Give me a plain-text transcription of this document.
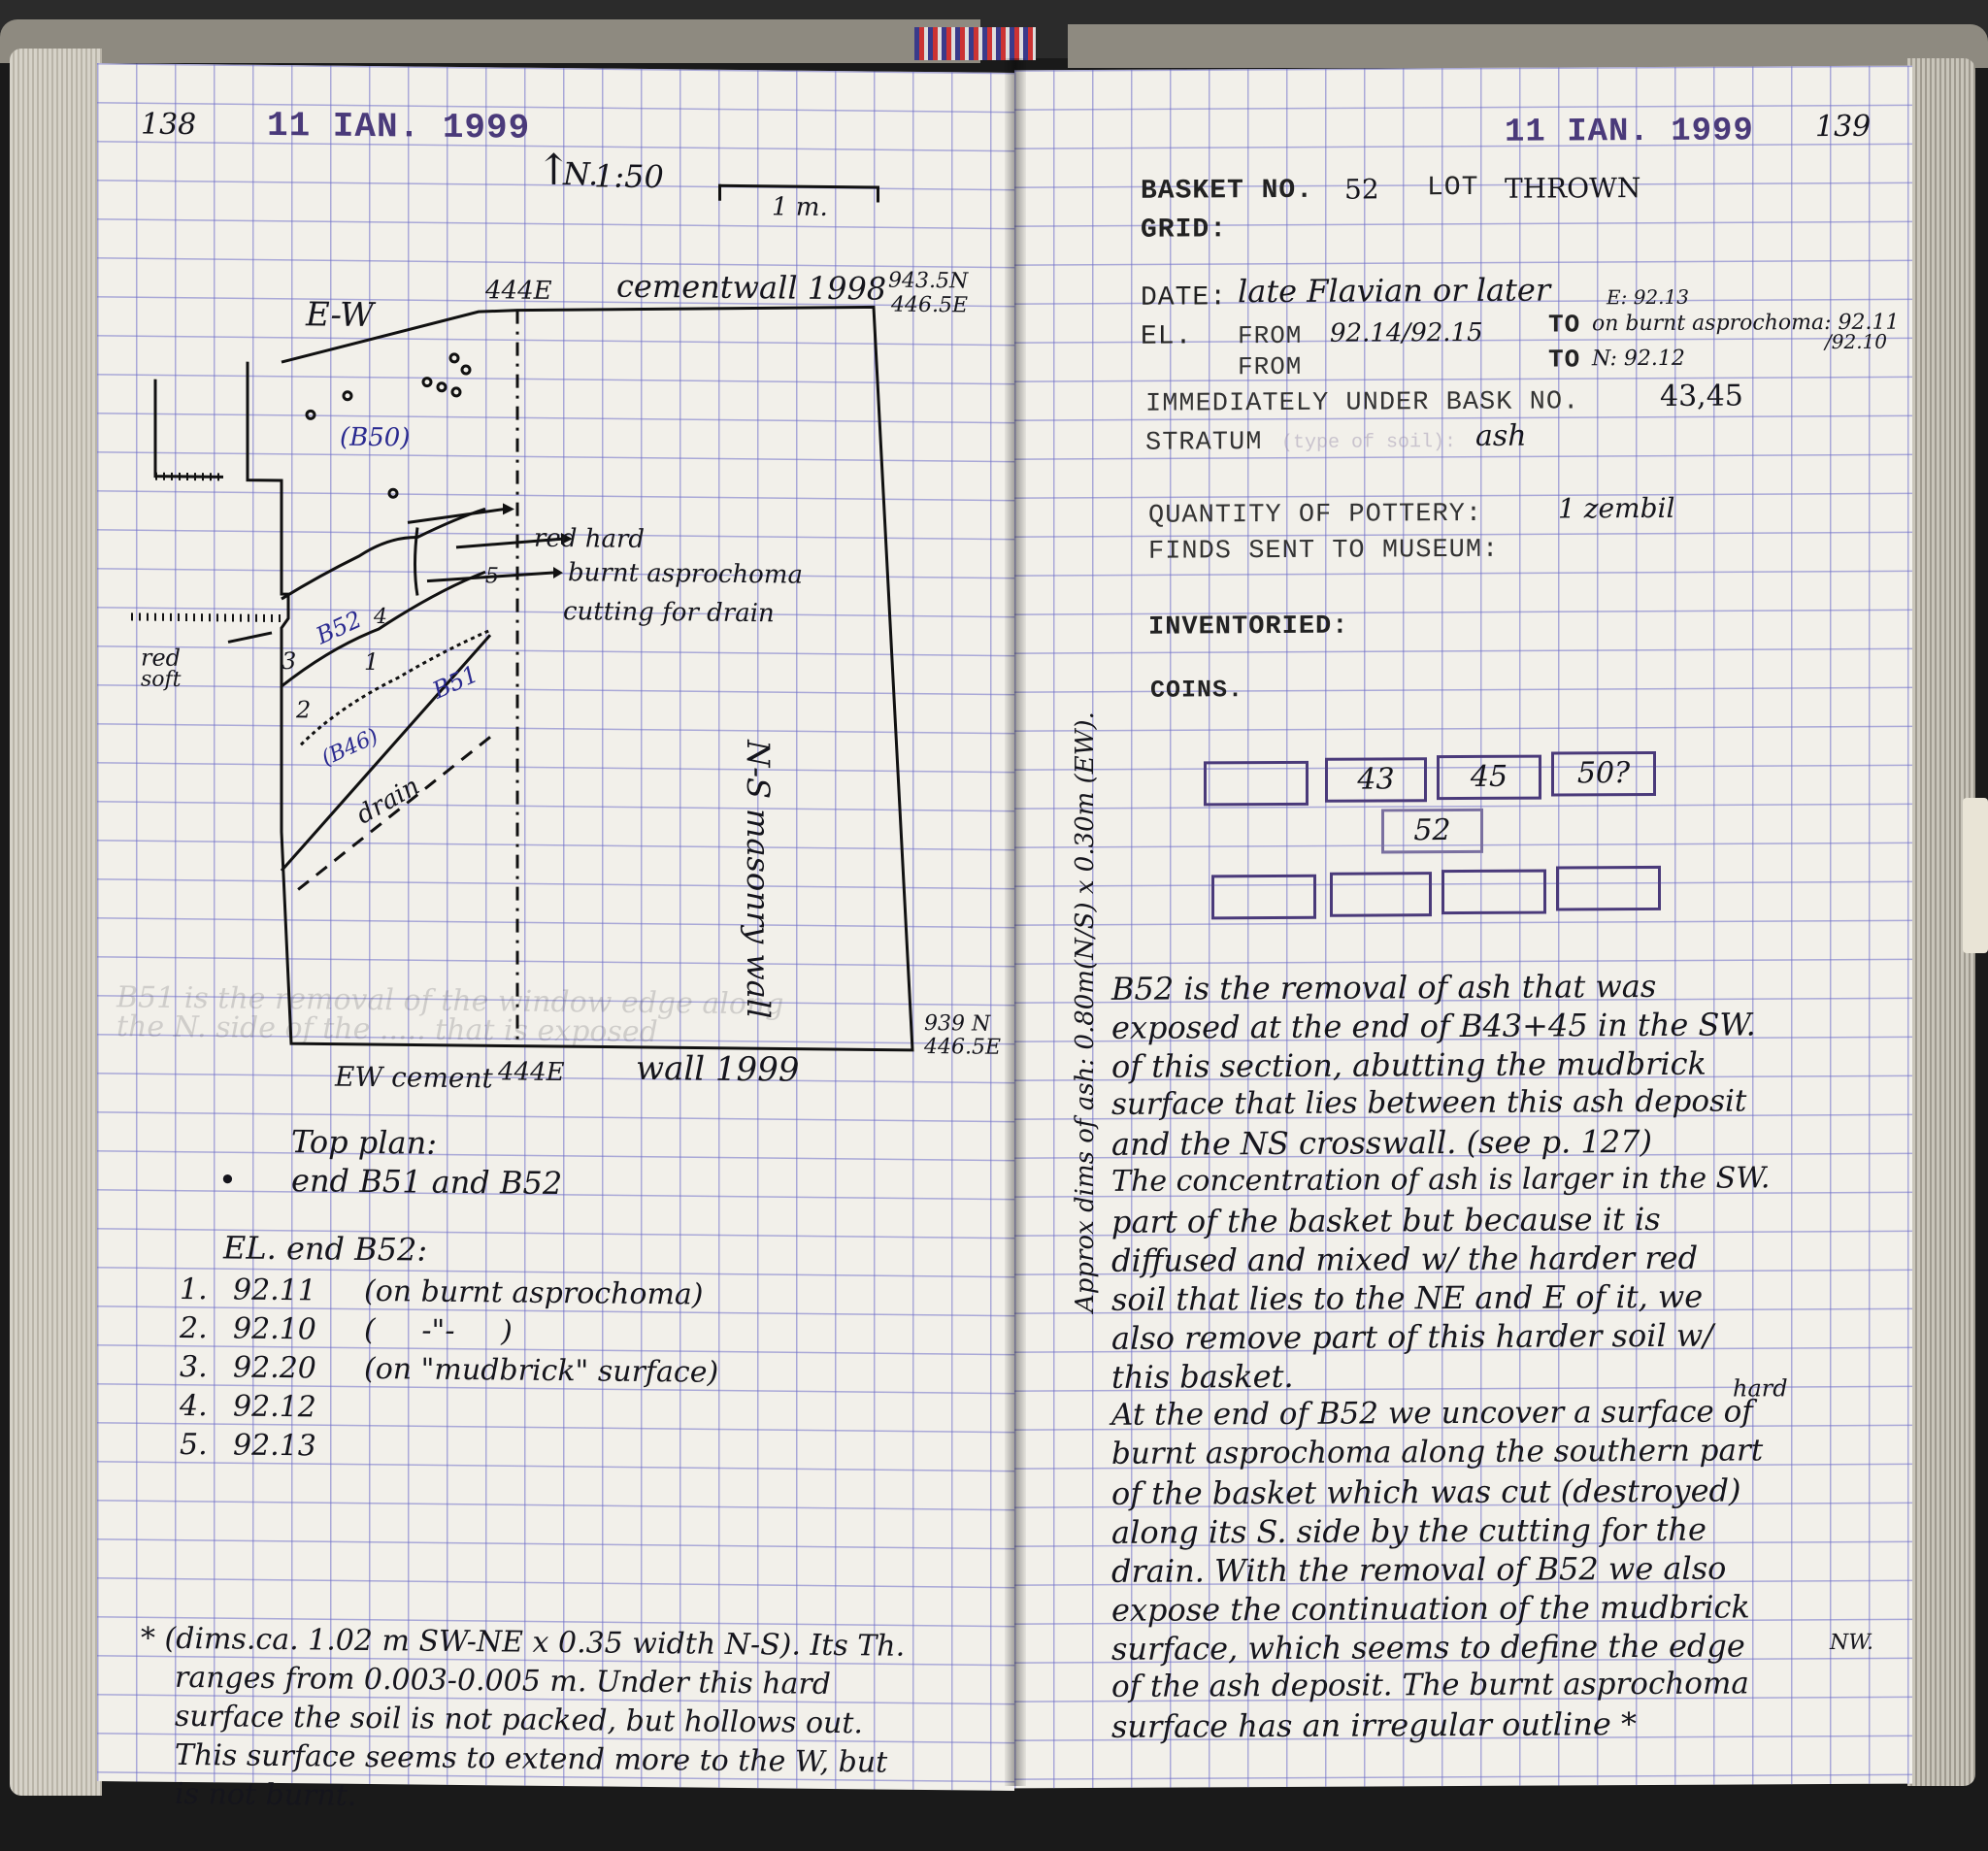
B51 is the removal of the window edge along
the N. side of the ..... that is exposed
138 11 IAN. 1999
↑
N.
1:50
1 m.
E-W
444E cementwall 1998 943.5N
446.5E
(B50)
red hard
burnt asprochoma
cutting for drain
B52
B51
(B46)
drain
red
soft
N-S masonry wall
EW cement 444E wall 1999
939 N
446.5E
1
2
3
4
5
Top plan:
• end B51 and B52
EL. end B52:
1. 92.11 (on burnt asprochoma)
2. 92.10 (     -"-     )
3. 92.20 (on "mudbrick" surface)
4. 92.12
5. 92.13
* (dims.ca. 1.02 m SW-NE x 0.35 width N-S). Its Th.
ranges from 0.003-0.005 m. Under this hard
surface the soil is not packed, but hollows out.
This surface seems to extend more to the W, but
is not burnt.
11 IAN. 1999 139
BASKET NO. 52 LOT THROWN
GRID:
DATE: late Flavian or later	E: 92.13
EL. FROM 92.14/92.15	TO on burnt asprochoma: 92.11
/92.10
FROM	TO N: 92.12
IMMEDIATELY UNDER BASK NO.	43,45
STRATUM (type of soil): ash
QUANTITY OF POTTERY:	1 zembil
FINDS SENT TO MUSEUM:
INVENTORIED:
COINS.
43	45	50?
52
Approx dims of ash: 0.80m(N/S) x 0.30m (EW). B52 is the removal of ash that was
exposed at the end of B43+45 in the SW.
of this section, abutting the mudbrick
surface that lies between this ash deposit
and the NS crosswall. (see p. 127)
The concentration of ash is larger in the SW.
part of the basket but because it is
diffused and mixed w/ the harder red
soil that lies to the NE and E of it, we
also remove part of this harder soil w/
this basket.
At the end of B52 we uncover a surface of
burnt asprochoma along the southern part
of the basket which was cut (destroyed)
along its S. side by the cutting for the
drain. With the removal of B52 we also
expose the continuation of the mudbrick
surface, which seems to define the edge
of the ash deposit. The burnt asprochoma
surface has an irregular outline *
hard
NW.
